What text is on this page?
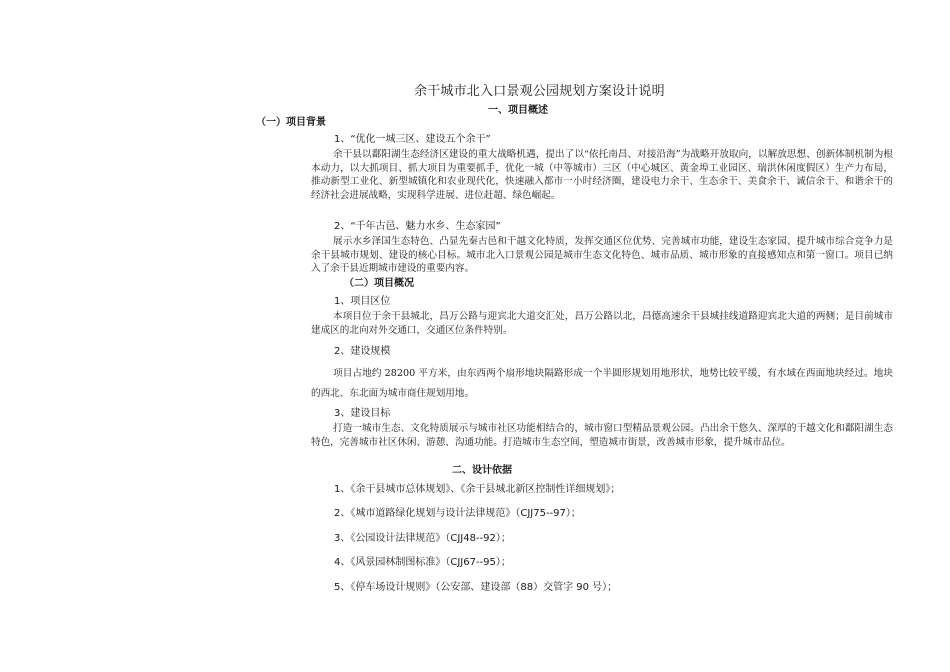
余干城市北入口景观公园规划方案设计说明
一、项目概述
（一）项目背景
1、“优化一城三区、建设五个余干”
余干县以鄱阳湖生态经济区建设的重大战略机遇，提出了以“依托南昌、对接沿海”为战略开放取向，以解放思想、创新体制机制为根本动力，以大抓项目、抓大项目为重要抓手，优化一城（中等城市）三区（中心城区、黄金埠工业园区、瑞洪休闲度假区）生产力布局，推动新型工业化、新型城镇化和农业现代化，快速融入都市一小时经济圈，建设电力余干、生态余干、美食余干、诚信余干、和谐余干的经济社会进展战略，实现科学进展、进位赶超、绿色崛起。
2、“千年古邑、魅力水乡、生态家园”
展示水乡泽国生态特色、凸显先秦古邑和干越文化特质，发挥交通区位优势、完善城市功能，建设生态家园、提升城市综合竞争力是余干县城市规划、建设的核心目标。城市北入口景观公园是城市生态文化特色、城市品质、城市形象的直接感知点和第一窗口。项目已纳入了余干县近期城市建设的重要内容。
（二）项目概况
1、项目区位
本项目位于余干县城北，昌万公路与迎宾北大道交汇处，昌万公路以北，昌德高速余干县城挂线道路迎宾北大道的两侧；是目前城市建成区的北向对外交通口，交通区位条件特别。
2、建设规模
项目占地约 28200 平方米，由东西两个扇形地块隔路形成一个半圆形规划用地形状，地势比较平缓，有水域在西面地块经过。地块的西北、东北面为城市商住规划用地。
3、建设目标
打造一城市生态、文化特质展示与城市社区功能相结合的，城市窗口型精品景观公园。凸出余干悠久、深厚的干越文化和鄱阳湖生态特色，完善城市社区休闲、游憩、沟通功能。打造城市生态空间，塑造城市街景，改善城市形象，提升城市品位。
二、设计依据
1、《余干县城市总体规划》、《余干县城北新区控制性详细规划》；
2、《城市道路绿化规划与设计法律规范》（CJJ75--97）；
3、《公园设计法律规范》（CJJ48--92）；
4、《风景园林制图标准》（CJJ67--95）；
5、《停车场设计规则》（公安部、建设部（88）交管字 90 号）；
